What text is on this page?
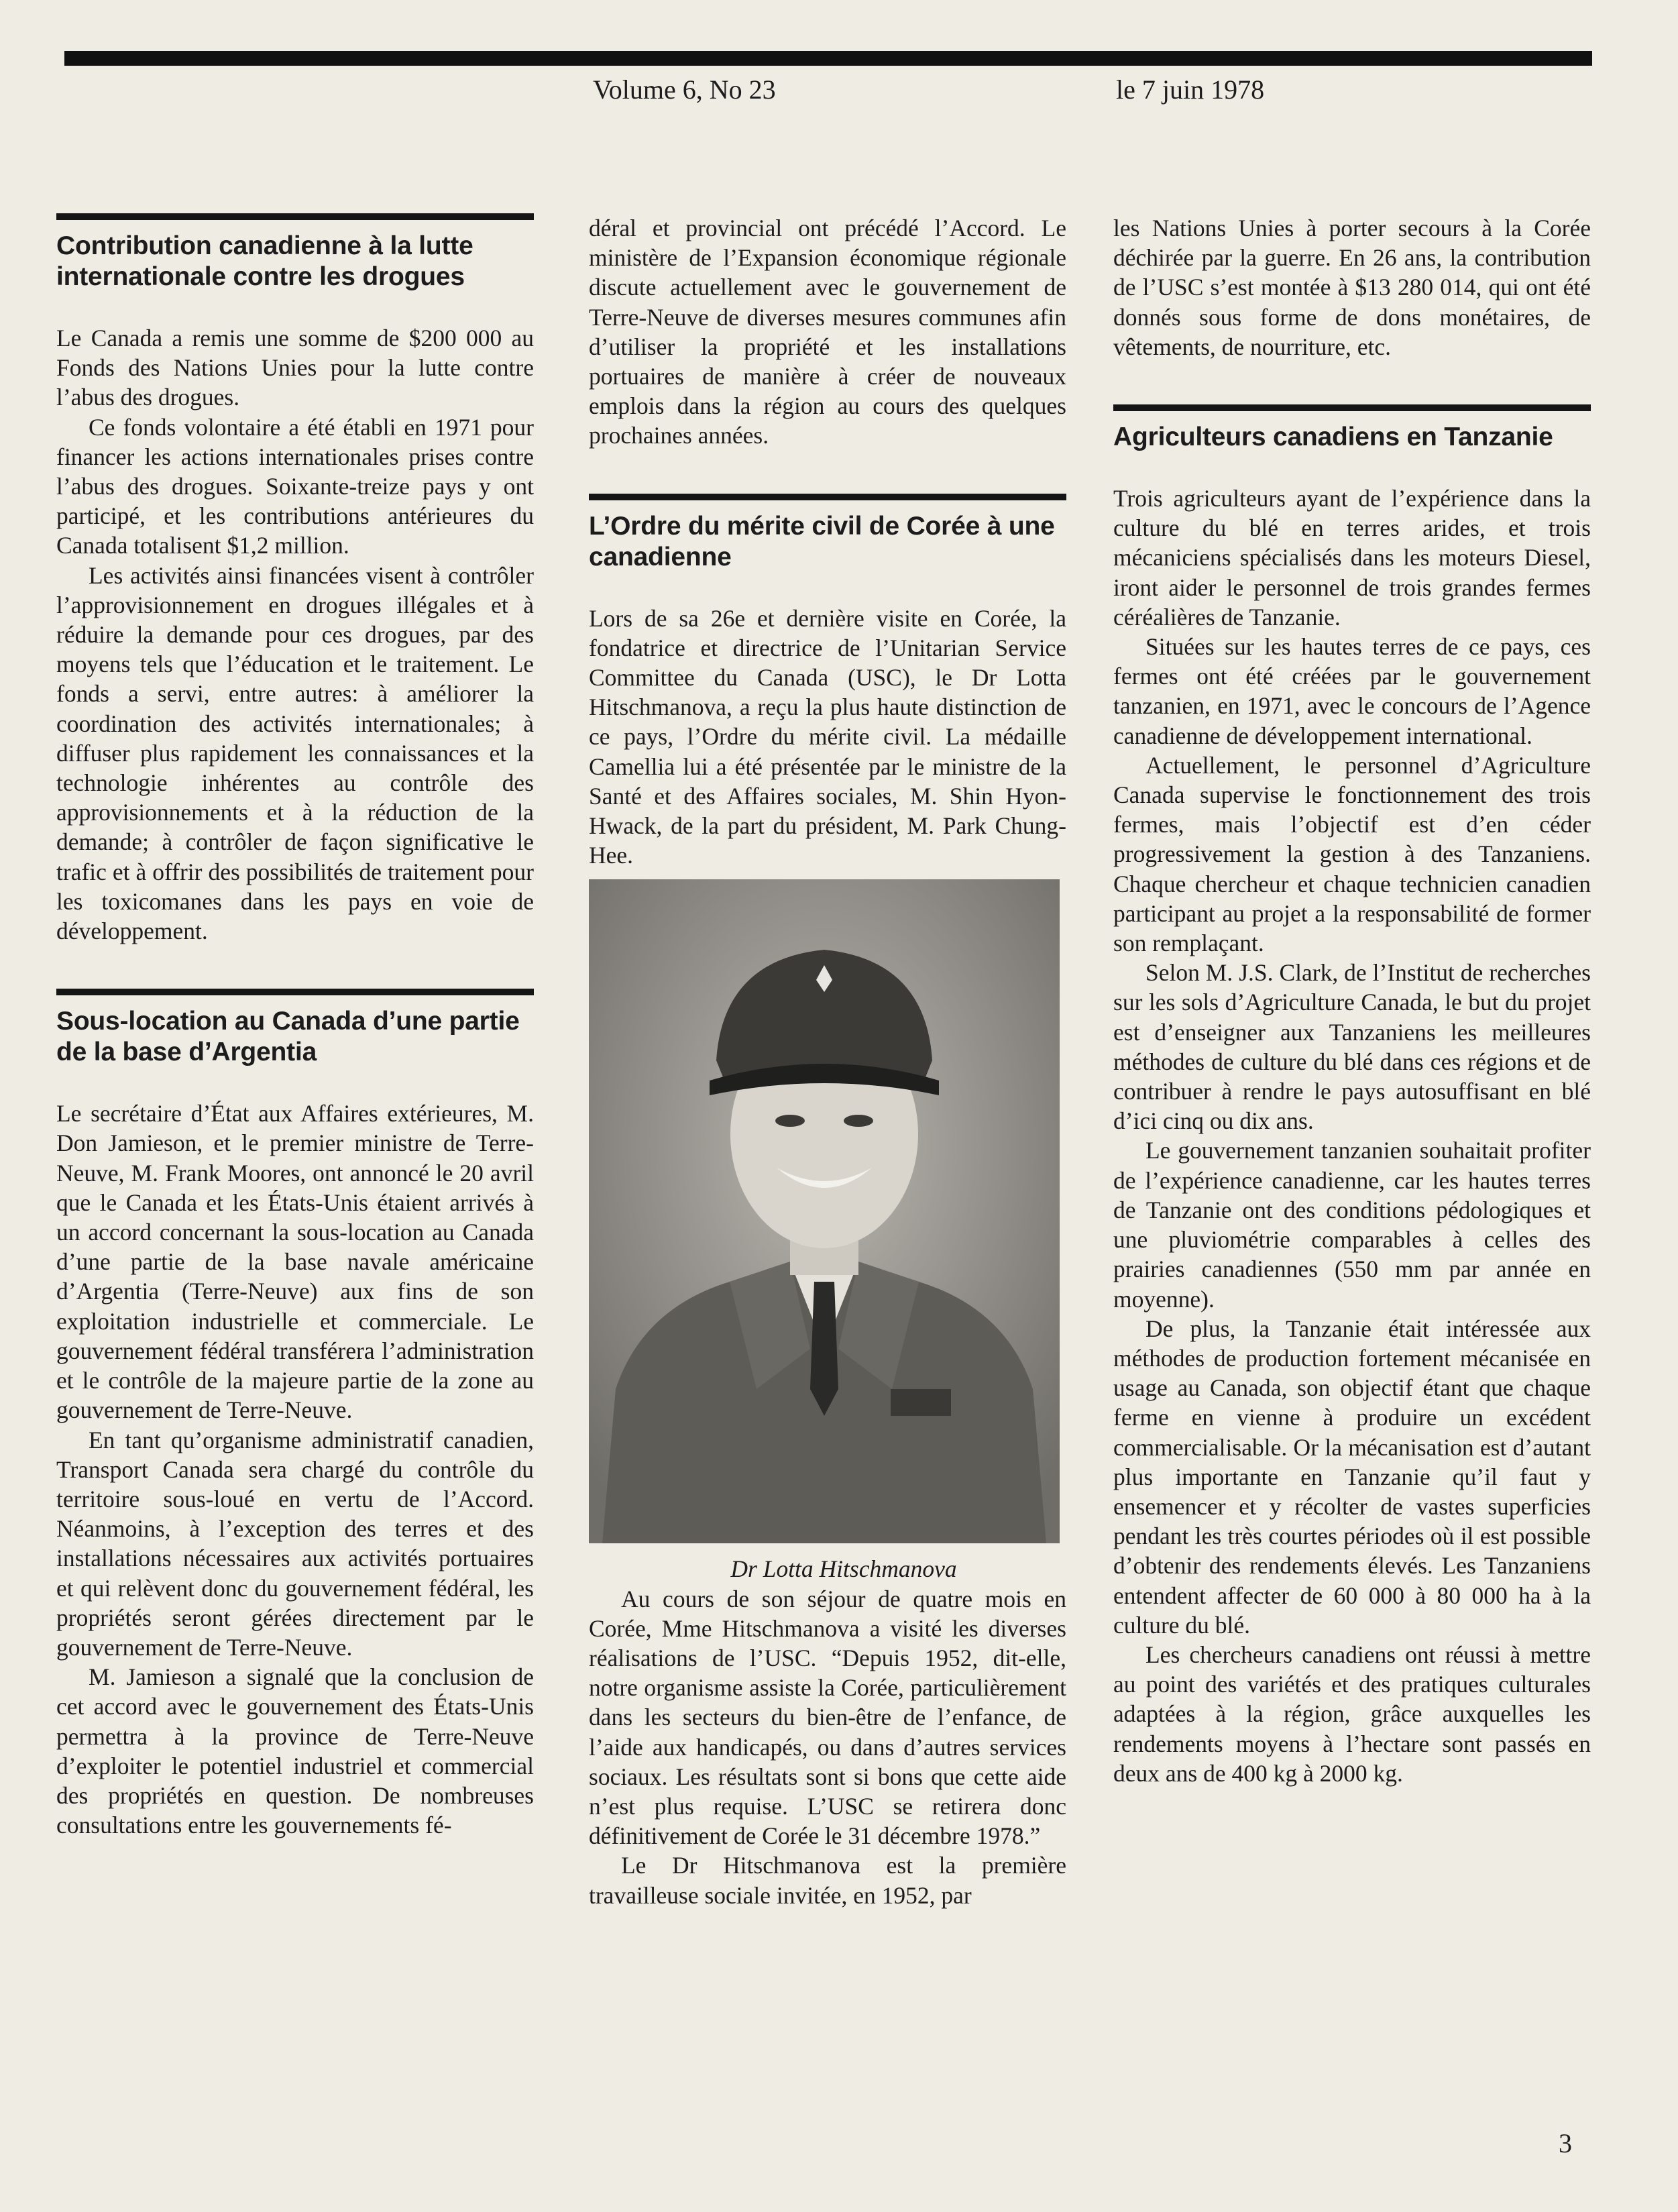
Volume 6, No 23	le 7 juin 1978
Contribution canadienne à la lutte internationale contre les drogues

Le Canada a remis une somme de $200 000 au Fonds des Nations Unies pour la lutte contre l’abus des drogues.

Ce fonds volontaire a été établi en 1971 pour financer les actions internationales prises contre l’abus des drogues. Soixante-treize pays y ont participé, et les contributions antérieures du Canada totalisent $1,2 million.

Les activités ainsi financées visent à contrôler l’approvisionnement en drogues illégales et à réduire la demande pour ces drogues, par des moyens tels que l’éducation et le traitement. Le fonds a servi, entre autres: à améliorer la coordination des activités internationales; à diffuser plus rapidement les connaissances et la technologie inhérentes au contrôle des approvisionnements et à la réduction de la demande; à contrôler de façon significative le trafic et à offrir des possibilités de traitement pour les toxicomanes dans les pays en voie de développement.

Sous-location au Canada d’une partie de la base d’Argentia

Le secrétaire d’État aux Affaires extérieures, M. Don Jamieson, et le premier ministre de Terre-Neuve, M. Frank Moores, ont annoncé le 20 avril que le Canada et les États-Unis étaient arrivés à un accord concernant la sous-location au Canada d’une partie de la base navale américaine d’Argentia (Terre-Neuve) aux fins de son exploitation industrielle et commerciale. Le gouvernement fédéral transférera l’administration et le contrôle de la majeure partie de la zone au gouvernement de Terre-Neuve.

En tant qu’organisme administratif canadien, Transport Canada sera chargé du contrôle du territoire sous-loué en vertu de l’Accord. Néanmoins, à l’exception des terres et des installations nécessaires aux activités portuaires et qui relèvent donc du gouvernement fédéral, les propriétés seront gérées directement par le gouvernement de Terre-Neuve.

M. Jamieson a signalé que la conclusion de cet accord avec le gouvernement des États-Unis permettra à la province de Terre-Neuve d’exploiter le potentiel industriel et commercial des propriétés en question. De nombreuses consultations entre les gouvernements fé-

déral et provincial ont précédé l’Accord. Le ministère de l’Expansion économique régionale discute actuellement avec le gouvernement de Terre-Neuve de diverses mesures communes afin d’utiliser la propriété et les installations portuaires de manière à créer de nouveaux emplois dans la région au cours des quelques prochaines années.

L’Ordre du mérite civil de Corée à une canadienne

Lors de sa 26e et dernière visite en Corée, la fondatrice et directrice de l’Unitarian Service Committee du Canada (USC), le Dr Lotta Hitschmanova, a reçu la plus haute distinction de ce pays, l’Ordre du mérite civil. La médaille Camellia lui a été présentée par le ministre de la Santé et des Affaires sociales, M. Shin Hyon-Hwack, de la part du président, M. Park Chung-Hee.

Dr Lotta Hitschmanova

Au cours de son séjour de quatre mois en Corée, Mme Hitschmanova a visité les diverses réalisations de l’USC. “Depuis 1952, dit-elle, notre organisme assiste la Corée, particulièrement dans les secteurs du bien-être de l’enfance, de l’aide aux handicapés, ou dans d’autres services sociaux. Les résultats sont si bons que cette aide n’est plus requise. L’USC se retirera donc définitivement de Corée le 31 décembre 1978.”

Le Dr Hitschmanova est la première travailleuse sociale invitée, en 1952, par

les Nations Unies à porter secours à la Corée déchirée par la guerre. En 26 ans, la contribution de l’USC s’est montée à $13 280 014, qui ont été donnés sous forme de dons monétaires, de vêtements, de nourriture, etc.

Agriculteurs canadiens en Tanzanie

Trois agriculteurs ayant de l’expérience dans la culture du blé en terres arides, et trois mécaniciens spécialisés dans les moteurs Diesel, iront aider le personnel de trois grandes fermes céréalières de Tanzanie.

Situées sur les hautes terres de ce pays, ces fermes ont été créées par le gouvernement tanzanien, en 1971, avec le concours de l’Agence canadienne de développement international.

Actuellement, le personnel d’Agriculture Canada supervise le fonctionnement des trois fermes, mais l’objectif est d’en céder progressivement la gestion à des Tanzaniens. Chaque chercheur et chaque technicien canadien participant au projet a la responsabilité de former son remplaçant.

Selon M. J.S. Clark, de l’Institut de recherches sur les sols d’Agriculture Canada, le but du projet est d’enseigner aux Tanzaniens les meilleures méthodes de culture du blé dans ces régions et de contribuer à rendre le pays autosuffisant en blé d’ici cinq ou dix ans.

Le gouvernement tanzanien souhaitait profiter de l’expérience canadienne, car les hautes terres de Tanzanie ont des conditions pédologiques et une pluviométrie comparables à celles des prairies canadiennes (550 mm par année en moyenne).

De plus, la Tanzanie était intéressée aux méthodes de production fortement mécanisée en usage au Canada, son objectif étant que chaque ferme en vienne à produire un excédent commercialisable. Or la mécanisation est d’autant plus importante en Tanzanie qu’il faut y ensemencer et y récolter de vastes superficies pendant les très courtes périodes où il est possible d’obtenir des rendements élevés. Les Tanzaniens entendent affecter de 60 000 à 80 000 ha à la culture du blé.

Les chercheurs canadiens ont réussi à mettre au point des variétés et des pratiques culturales adaptées à la région, grâce auxquelles les rendements moyens à l’hectare sont passés en deux ans de 400 kg à 2000 kg.

3
